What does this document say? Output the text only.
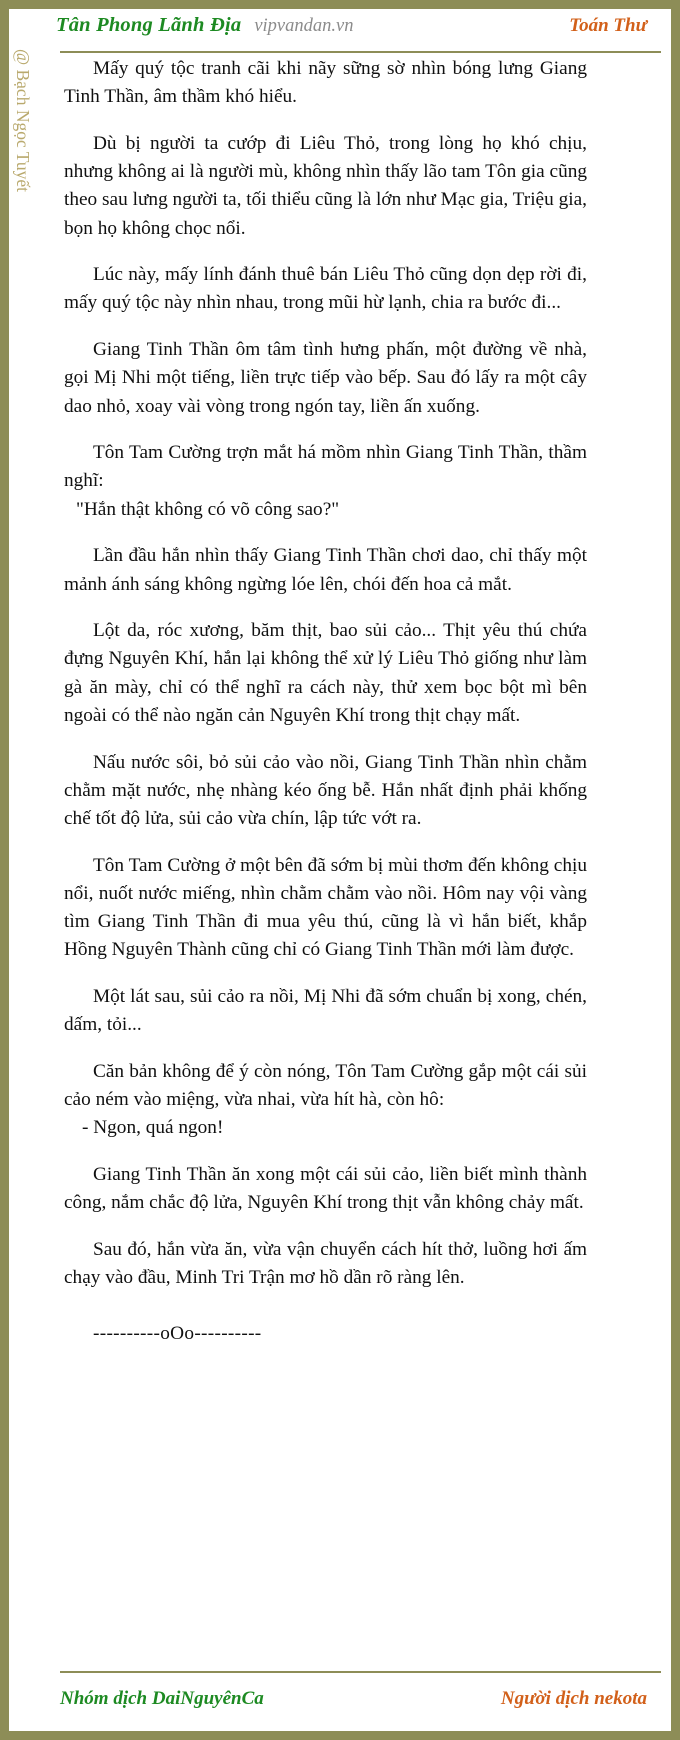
Tân Phong Lãnh Địa vipvandan.vn	Toán Thư
@ Bạch Ngọc Tuyết	Mấy quý tộc tranh cãi khi nãy sững sờ nhìn bóng lưng Giang Tinh Thần, âm thầm khó hiểu.

Dù bị người ta cướp đi Liêu Thỏ, trong lòng họ khó chịu, nhưng không ai là người mù, không nhìn thấy lão tam Tôn gia cũng theo sau lưng người ta, tối thiểu cũng là lớn như Mạc gia, Triệu gia, bọn họ không chọc nổi.

Lúc này, mấy lính đánh thuê bán Liêu Thỏ cũng dọn dẹp rời đi, mấy quý tộc này nhìn nhau, trong mũi hừ lạnh, chia ra bước đi...

Giang Tinh Thần ôm tâm tình hưng phấn, một đường về nhà, gọi Mị Nhi một tiếng, liền trực tiếp vào bếp. Sau đó lấy ra một cây dao nhỏ, xoay vài vòng trong ngón tay, liền ấn xuống.

Tôn Tam Cường trợn mắt há mồm nhìn Giang Tinh Thần, thầm nghĩ:
"Hắn thật không có võ công sao?"

Lần đầu hắn nhìn thấy Giang Tinh Thần chơi dao, chỉ thấy một mảnh ánh sáng không ngừng lóe lên, chói đến hoa cả mắt.

Lột da, róc xương, băm thịt, bao sủi cảo... Thịt yêu thú chứa đựng Nguyên Khí, hắn lại không thể xử lý Liêu Thỏ giống như làm gà ăn mày, chỉ có thể nghĩ ra cách này, thử xem bọc bột mì bên ngoài có thể nào ngăn cản Nguyên Khí trong thịt chạy mất.

Nấu nước sôi, bỏ sủi cảo vào nồi, Giang Tinh Thần nhìn chằm chằm mặt nước, nhẹ nhàng kéo ống bễ. Hắn nhất định phải khống chế tốt độ lửa, sủi cảo vừa chín, lập tức vớt ra.

Tôn Tam Cường ở một bên đã sớm bị mùi thơm đến không chịu nổi, nuốt nước miếng, nhìn chằm chằm vào nồi. Hôm nay vội vàng tìm Giang Tinh Thần đi mua yêu thú, cũng là vì hắn biết, khắp Hồng Nguyên Thành cũng chỉ có Giang Tinh Thần mới làm được.

Một lát sau, sủi cảo ra nồi, Mị Nhi đã sớm chuẩn bị xong, chén, dấm, tỏi...

Căn bản không để ý còn nóng, Tôn Tam Cường gắp một cái sủi cảo ném vào miệng, vừa nhai, vừa hít hà, còn hô:
- Ngon, quá ngon!

Giang Tinh Thần ăn xong một cái sủi cảo, liền biết mình thành công, nắm chắc độ lửa, Nguyên Khí trong thịt vẫn không chảy mất.

Sau đó, hắn vừa ăn, vừa vận chuyển cách hít thở, luồng hơi ấm chạy vào đầu, Minh Tri Trận mơ hồ dần rõ ràng lên.

----------oOo----------
Nhóm dịch DaiNguyênCa	Người dịch nekota
